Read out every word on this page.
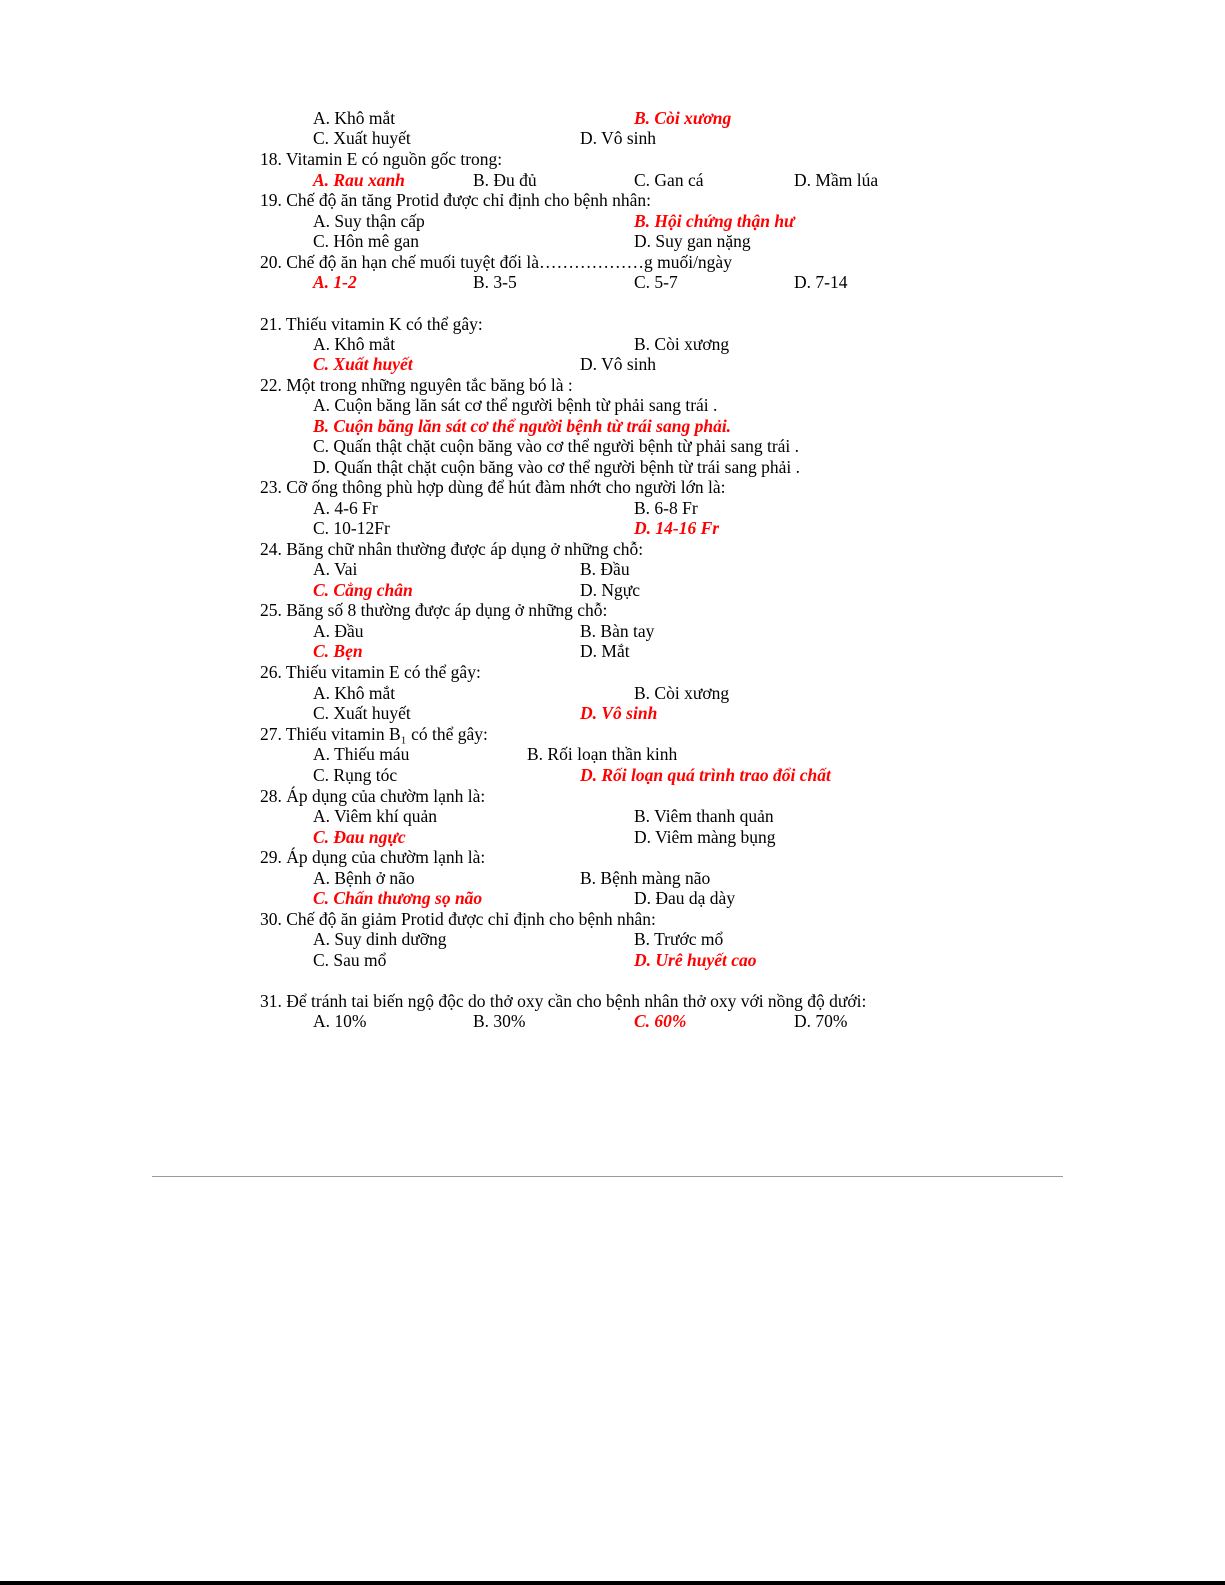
A. Khô mắt	B. Còi xương
C. Xuất huyết	D. Vô sinh
18. Vitamin E có nguồn gốc trong:
A. Rau xanh	B. Đu đủ	C. Gan cá	D. Mầm lúa
19. Chế độ ăn tăng Protid được chỉ định cho bệnh nhân:
A. Suy thận cấp	B. Hội chứng thận hư
C. Hôn mê gan	D. Suy gan nặng
20. Chế độ ăn hạn chế muối tuyệt đối là………………g muối/ngày
A. 1-2	B. 3-5	C. 5-7	D. 7-14
21. Thiếu vitamin K có thể gây:
A. Khô mắt	B. Còi xương
C. Xuất huyết	D. Vô sinh
22. Một trong những nguyên tắc băng bó là :
A. Cuộn băng lăn sát cơ thể người bệnh từ phải sang trái .
B. Cuộn băng lăn sát cơ thể người bệnh từ trái sang phải.
C. Quấn thật chặt cuộn băng vào cơ thể người bệnh từ phải sang trái .
D. Quấn thật chặt cuộn băng vào cơ thể người bệnh từ trái sang phải .
23. Cỡ ống thông phù hợp dùng để hút đàm nhớt cho người lớn là:
A. 4-6 Fr	B. 6-8 Fr
C. 10-12Fr	D. 14-16 Fr
24. Băng chữ nhân thường được áp dụng ở những chỗ:
A. Vai	B. Đầu
C. Cẳng chân	D. Ngực
25. Băng số 8 thường được áp dụng ở những chỗ:
A. Đầu	B. Bàn tay
C. Bẹn	D. Mắt
26. Thiếu vitamin E có thể gây:
A. Khô mắt	B. Còi xương
C. Xuất huyết	D. Vô sinh
27. Thiếu vitamin B₁ có thể gây:
A. Thiếu máu	B. Rối loạn thần kinh
C. Rụng tóc	D. Rối loạn quá trình trao đổi chất
28. Áp dụng của chườm lạnh là:
A. Viêm khí quản	B. Viêm thanh quản
C. Đau ngực	D. Viêm màng bụng
29. Áp dụng của chườm lạnh là:
A. Bệnh ở não	B. Bệnh màng não
C. Chấn thương sọ não	D. Đau dạ dày
30. Chế độ ăn giảm Protid được chỉ định cho bệnh nhân:
A. Suy dinh dưỡng	B. Trước mổ
C. Sau mổ	D. Urê huyết cao
31. Để tránh tai biến ngộ độc do thở oxy cần cho bệnh nhân thở oxy với nồng độ dưới:
A. 10%	B. 30%	C. 60%	D. 70%
